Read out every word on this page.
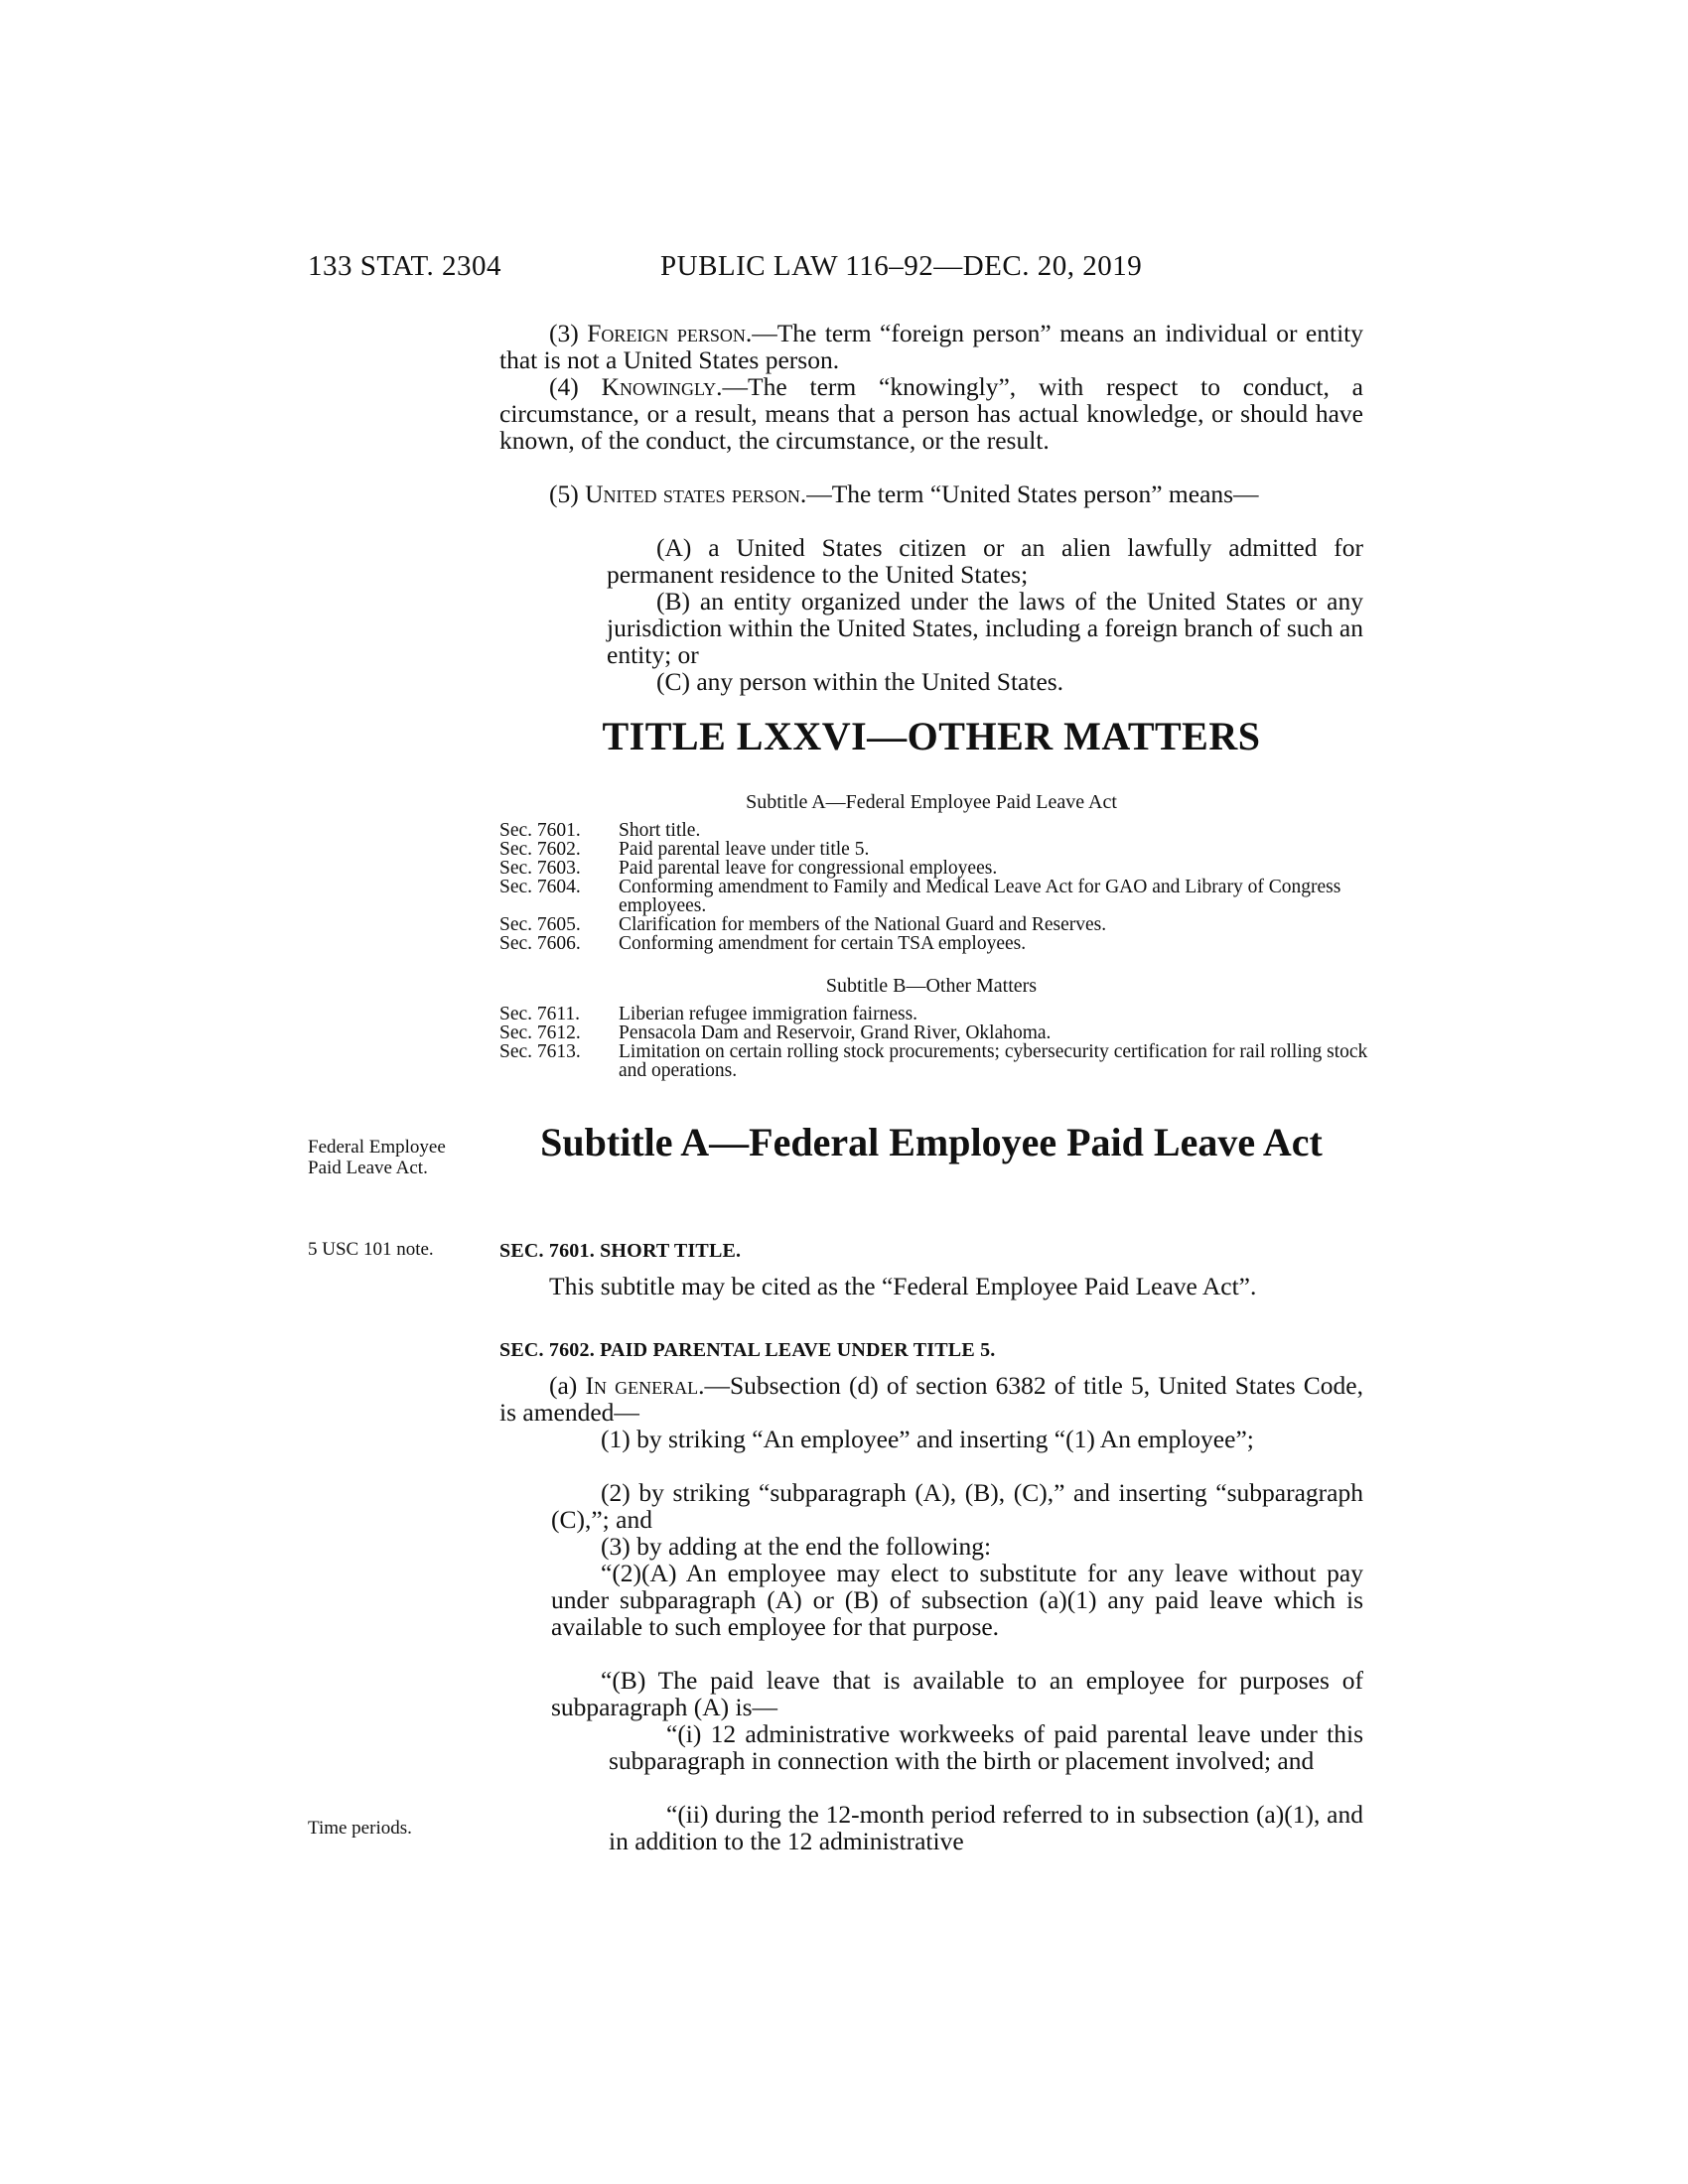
133 STAT. 2304	PUBLIC LAW 116–92—DEC. 20, 2019
(3) Foreign person.—The term “foreign person” means an individual or entity that is not a United States person.
(4) Knowingly.—The term “knowingly”, with respect to conduct, a circumstance, or a result, means that a person has actual knowledge, or should have known, of the conduct, the circumstance, or the result.
(5) United states person.—The term “United States person” means—
(A) a United States citizen or an alien lawfully admitted for permanent residence to the United States;
(B) an entity organized under the laws of the United States or any jurisdiction within the United States, including a foreign branch of such an entity; or
(C) any person within the United States.
TITLE LXXVI—OTHER MATTERS
Subtitle A—Federal Employee Paid Leave Act
Sec. 7601. Short title.
Sec. 7602. Paid parental leave under title 5.
Sec. 7603. Paid parental leave for congressional employees.
Sec. 7604. Conforming amendment to Family and Medical Leave Act for GAO and Library of Congress employees.
Sec. 7605. Clarification for members of the National Guard and Reserves.
Sec. 7606. Conforming amendment for certain TSA employees.
Subtitle B—Other Matters
Sec. 7611. Liberian refugee immigration fairness.
Sec. 7612. Pensacola Dam and Reservoir, Grand River, Oklahoma.
Sec. 7613. Limitation on certain rolling stock procurements; cybersecurity certification for rail rolling stock and operations.
Federal Employee Paid Leave Act.
Subtitle A—Federal Employee Paid Leave Act
5 USC 101 note.	SEC. 7601. SHORT TITLE.
This subtitle may be cited as the “Federal Employee Paid Leave Act”.
SEC. 7602. PAID PARENTAL LEAVE UNDER TITLE 5.
(a) In general.—Subsection (d) of section 6382 of title 5, United States Code, is amended—
(1) by striking “An employee” and inserting “(1) An employee”;
(2) by striking “subparagraph (A), (B), (C),” and inserting “subparagraph (C),”; and
(3) by adding at the end the following:
“(2)(A) An employee may elect to substitute for any leave without pay under subparagraph (A) or (B) of subsection (a)(1) any paid leave which is available to such employee for that purpose.
“(B) The paid leave that is available to an employee for purposes of subparagraph (A) is—
“(i) 12 administrative workweeks of paid parental leave under this subparagraph in connection with the birth or placement involved; and
Time periods.	“(ii) during the 12-month period referred to in subsection (a)(1), and in addition to the 12 administrative
